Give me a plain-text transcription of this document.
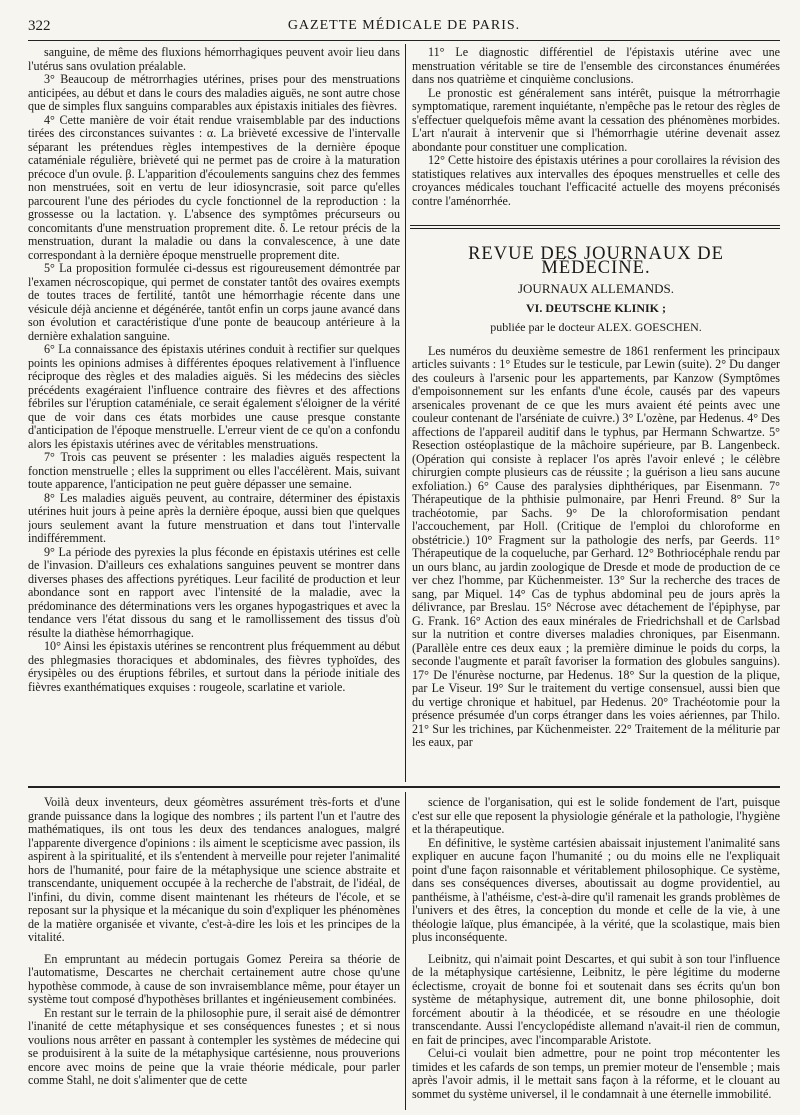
322	GAZETTE MÉDICALE DE PARIS.

sanguine, de même des fluxions hémorrhagiques peuvent avoir lieu dans l'utérus sans ovulation préalable.

3° Beaucoup de métrorrhagies utérines, prises pour des menstruations anticipées, au début et dans le cours des maladies aiguës, ne sont autre chose que de simples flux sanguins comparables aux épistaxis initiales des fièvres.

4° Cette manière de voir était rendue vraisemblable par des inductions tirées des circonstances suivantes : α. La brièveté excessive de l'intervalle séparant les prétendues règles intempestives de la dernière époque cataméniale régulière, brièveté qui ne permet pas de croire à la maturation précoce d'un ovule. β. L'apparition d'écoulements sanguins chez des femmes non menstruées, soit en vertu de leur idiosyncrasie, soit parce qu'elles parcourent l'une des périodes du cycle fonctionnel de la reproduction : la grossesse ou la lactation. γ. L'absence des symptômes précurseurs ou concomitants d'une menstruation proprement dite. δ. Le retour précis de la menstruation, durant la maladie ou dans la convalescence, à une date correspondant à la dernière époque menstruelle proprement dite.

5° La proposition formulée ci-dessus est rigoureusement démontrée par l'examen nécroscopique, qui permet de constater tantôt des ovaires exempts de toutes traces de fertilité, tantôt une hémorrhagie récente dans une vésicule déjà ancienne et dégénérée, tantôt enfin un corps jaune avancé dans son évolution et caractéristique d'une ponte de beaucoup antérieure à la dernière exhalation sanguine.

6° La connaissance des épistaxis utérines conduit à rectifier sur quelques points les opinions admises à différentes époques relativement à l'influence réciproque des règles et des maladies aiguës. Si les médecins des siècles précédents exagéraient l'influence contraire des fièvres et des affections fébriles sur l'éruption cataméniale, ce serait également s'éloigner de la vérité que de voir dans ces états morbides une cause presque constante d'anticipation de l'époque menstruelle. L'erreur vient de ce qu'on a confondu alors les épistaxis utérines avec de véritables menstruations.

7° Trois cas peuvent se présenter : les maladies aiguës respectent la fonction menstruelle ; elles la suppriment ou elles l'accélèrent. Mais, suivant toute apparence, l'anticipation ne peut guère dépasser une semaine.

8° Les maladies aiguës peuvent, au contraire, déterminer des épistaxis utérines huit jours à peine après la dernière époque, aussi bien que quelques jours seulement avant la future menstruation et dans tout l'intervalle indifféremment.

9° La période des pyrexies la plus féconde en épistaxis utérines est celle de l'invasion. D'ailleurs ces exhalations sanguines peuvent se montrer dans diverses phases des affections pyrétiques. Leur facilité de production et leur abondance sont en rapport avec l'intensité de la maladie, avec la prédominance des déterminations vers les organes hypogastriques et avec la tendance vers l'état dissous du sang et le ramollissement des tissus d'où résulte la diathèse hémorrhagique.

10° Ainsi les épistaxis utérines se rencontrent plus fréquemment au début des phlegmasies thoraciques et abdominales, des fièvres typhoïdes, des érysipèles ou des éruptions fébriles, et surtout dans la période initiale des fièvres exanthématiques exquises : rougeole, scarlatine et variole.

11° Le diagnostic différentiel de l'épistaxis utérine avec une menstruation véritable se tire de l'ensemble des circonstances énumérées dans nos quatrième et cinquième conclusions.

Le pronostic est généralement sans intérêt, puisque la métrorrhagie symptomatique, rarement inquiétante, n'empêche pas le retour des règles de s'effectuer quelquefois même avant la cessation des phénomènes morbides. L'art n'aurait à intervenir que si l'hémorrhagie utérine devenait assez abondante pour constituer une complication.

12° Cette histoire des épistaxis utérines a pour corollaires la révision des statistiques relatives aux intervalles des époques menstruelles et celle des croyances médicales touchant l'efficacité actuelle des moyens préconisés contre l'aménorrhée.

REVUE DES JOURNAUX DE MÉDECINE.
JOURNAUX ALLEMANDS.
VI. DEUTSCHE KLINIK ;
publiée par le docteur ALEX. GOESCHEN.

Les numéros du deuxième semestre de 1861 renferment les principaux articles suivants : 1° Etudes sur le testicule, par Lewin (suite). 2° Du danger des couleurs à l'arsenic pour les appartements, par Kanzow (Symptômes d'empoisonnement sur les enfants d'une école, causés par des vapeurs arsenicales provenant de ce que les murs avaient été peints avec une couleur contenant de l'arséniate de cuivre.) 3° L'ozène, par Hedenus. 4° Des affections de l'appareil auditif dans le typhus, par Hermann Schwartze. 5° Resection ostéoplastique de la mâchoire supérieure, par B. Langenbeck. (Opération qui consiste à replacer l'os après l'avoir enlevé ; le célèbre chirurgien compte plusieurs cas de réussite ; la guérison a lieu sans aucune exfoliation.) 6° Cause des paralysies diphthériques, par Eisenmann. 7° Thérapeutique de la phthisie pulmonaire, par Henri Freund. 8° Sur la trachéotomie, par Sachs. 9° De la chloroformisation pendant l'accouchement, par Holl. (Critique de l'emploi du chloroforme en obstétricie.) 10° Fragment sur la pathologie des nerfs, par Geerds. 11° Thérapeutique de la coqueluche, par Gerhard. 12° Bothriocéphale rendu par un ours blanc, au jardin zoologique de Dresde et mode de production de ce ver chez l'homme, par Küchenmeister. 13° Sur la recherche des traces de sang, par Miquel. 14° Cas de typhus abdominal peu de jours après la délivrance, par Breslau. 15° Nécrose avec détachement de l'épiphyse, par G. Frank. 16° Action des eaux minérales de Friedrichshall et de Carlsbad sur la nutrition et contre diverses maladies chroniques, par Eisenmann. (Parallèle entre ces deux eaux ; la première diminue le poids du corps, la seconde l'augmente et paraît favoriser la formation des globules sanguins). 17° De l'énurèse nocturne, par Hedenus. 18° Sur la question de la plique, par Le Viseur. 19° Sur le traitement du vertige consensuel, aussi bien que du vertige chronique et habituel, par Hedenus. 20° Trachéotomie pour la présence présumée d'un corps étranger dans les voies aériennes, par Thilo. 21° Sur les trichines, par Küchenmeister. 22° Traitement de la méliturie par les eaux, par

Voilà deux inventeurs, deux géomètres assurément très-forts et d'une grande puissance dans la logique des nombres ; ils partent l'un et l'autre des mathématiques, ils ont tous les deux des tendances analogues, malgré l'apparente divergence d'opinions : ils aiment le scepticisme avec passion, ils aspirent à la spiritualité, et ils s'entendent à merveille pour rejeter l'animalité hors de l'humanité, pour faire de la métaphysique une science abstraite et transcendante, uniquement occupée à la recherche de l'abstrait, de l'idéal, de l'infini, du divin, comme disent maintenant les rhéteurs de l'école, et se reposant sur la physique et la mécanique du soin d'expliquer les phénomènes de la matière organisée et vivante, c'est-à-dire les lois et les principes de la vitalité.

En empruntant au médecin portugais Gomez Pereira sa théorie de l'automatisme, Descartes ne cherchait certainement autre chose qu'une hypothèse commode, à cause de son invraisemblance même, pour étayer un système tout composé d'hypothèses brillantes et ingénieusement combinées.

En restant sur le terrain de la philosophie pure, il serait aisé de démontrer l'inanité de cette métaphysique et ses conséquences funestes ; et si nous voulions nous arrêter en passant à contempler les systèmes de médecine qui se produisirent à la suite de la métaphysique cartésienne, nous prouverions encore avec moins de peine que la vraie théorie médicale, pour parler comme Stahl, ne doit s'alimenter que de cette

science de l'organisation, qui est le solide fondement de l'art, puisque c'est sur elle que reposent la physiologie générale et la pathologie, l'hygiène et la thérapeutique.

En définitive, le système cartésien abaissait injustement l'animalité sans expliquer en aucune façon l'humanité ; ou du moins elle ne l'expliquait point d'une façon raisonnable et véritablement philosophique. Ce système, dans ses conséquences diverses, aboutissait au dogme providentiel, au panthéisme, à l'athéisme, c'est-à-dire qu'il ramenait les grands problèmes de l'univers et des êtres, la conception du monde et celle de la vie, à une théologie laïque, plus émancipée, à la vérité, que la scolastique, mais bien plus inconséquente.

Leibnitz, qui n'aimait point Descartes, et qui subit à son tour l'influence de la métaphysique cartésienne, Leibnitz, le père légitime du moderne éclectisme, croyait de bonne foi et soutenait dans ses écrits qu'un bon système de métaphysique, autrement dit, une bonne philosophie, doit forcément aboutir à la théodicée, et se résoudre en une théologie transcendante. Aussi l'encyclopédiste allemand n'avait-il rien de commun, en fait de principes, avec l'incomparable Aristote.

Celui-ci voulait bien admettre, pour ne point trop mécontenter les timides et les cafards de son temps, un premier moteur de l'ensemble ; mais après l'avoir admis, il le mettait sans façon à la réforme, et le clouant au sommet du système universel, il le condamnait à une éternelle immobilité.
